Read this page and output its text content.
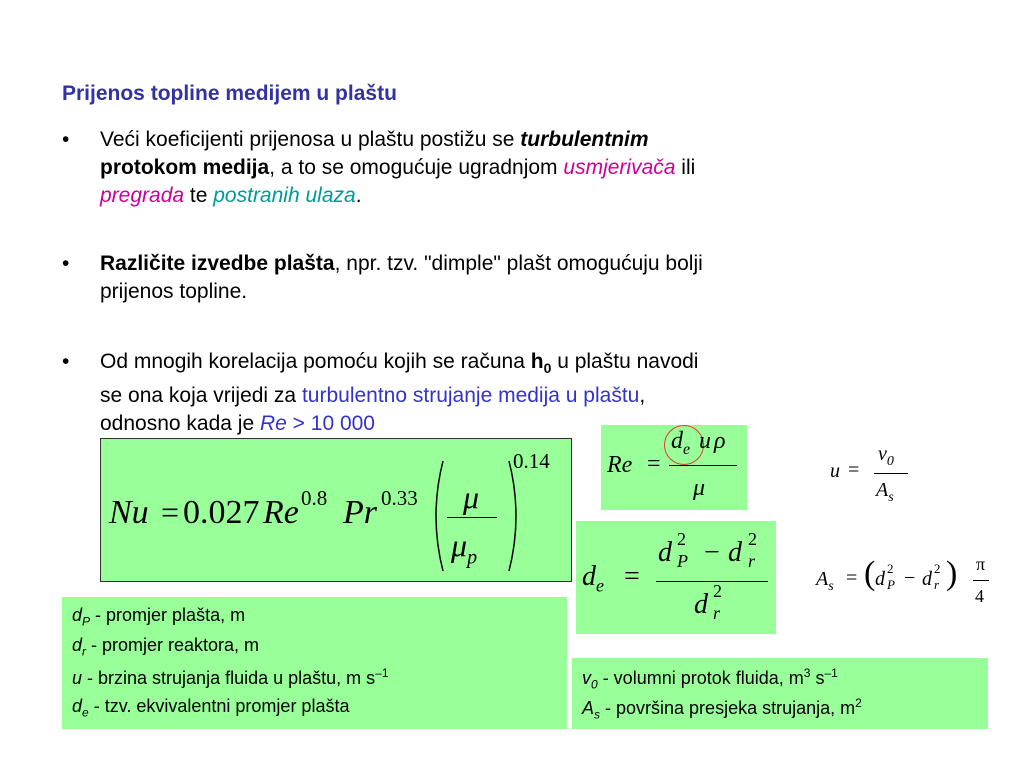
Prijenos topline medijem u plaštu
• Veći koeficijenti prijenosa u plaštu postižu se turbulentnim
protokom medija, a to se omogućuje ugradnjom usmjerivača ili
pregrada te postranih ulaza.
• Različite izvedbe plašta, npr. tzv. "dimple" plašt omogućuju bolji
prijenos topline.
• Od mnogih korelacija pomoću kojih se računa $h_0$ u plaštu navodi
se ona koja vrijedi za turbulentno strujanje medija u plaštu,
odnosno kada je Re > 10 000
Nu = 0.027 Re 0.8 Pr 0.33 μ
$\mu_p$
0.14 Re =
$d_e$ u ρ
μ
u =
$v_0$
$A_s$
$d_e$ =
d 2
P − d 2
r
d 2
r
$A_s$ = ( d 2
P − d 2
r ) π
4
$d_P$ - promjer plašta, m
$d_r$ - promjer reaktora, m
u - brzina strujanja fluida u plaštu, m $s^{-1}$
$d_e$ - tzv. ekvivalentni promjer plašta
$v_0$ - volumni protok fluida, $m^3$ $s^{-1}$
$A_s$ - površina presjeka strujanja, $m^2$
